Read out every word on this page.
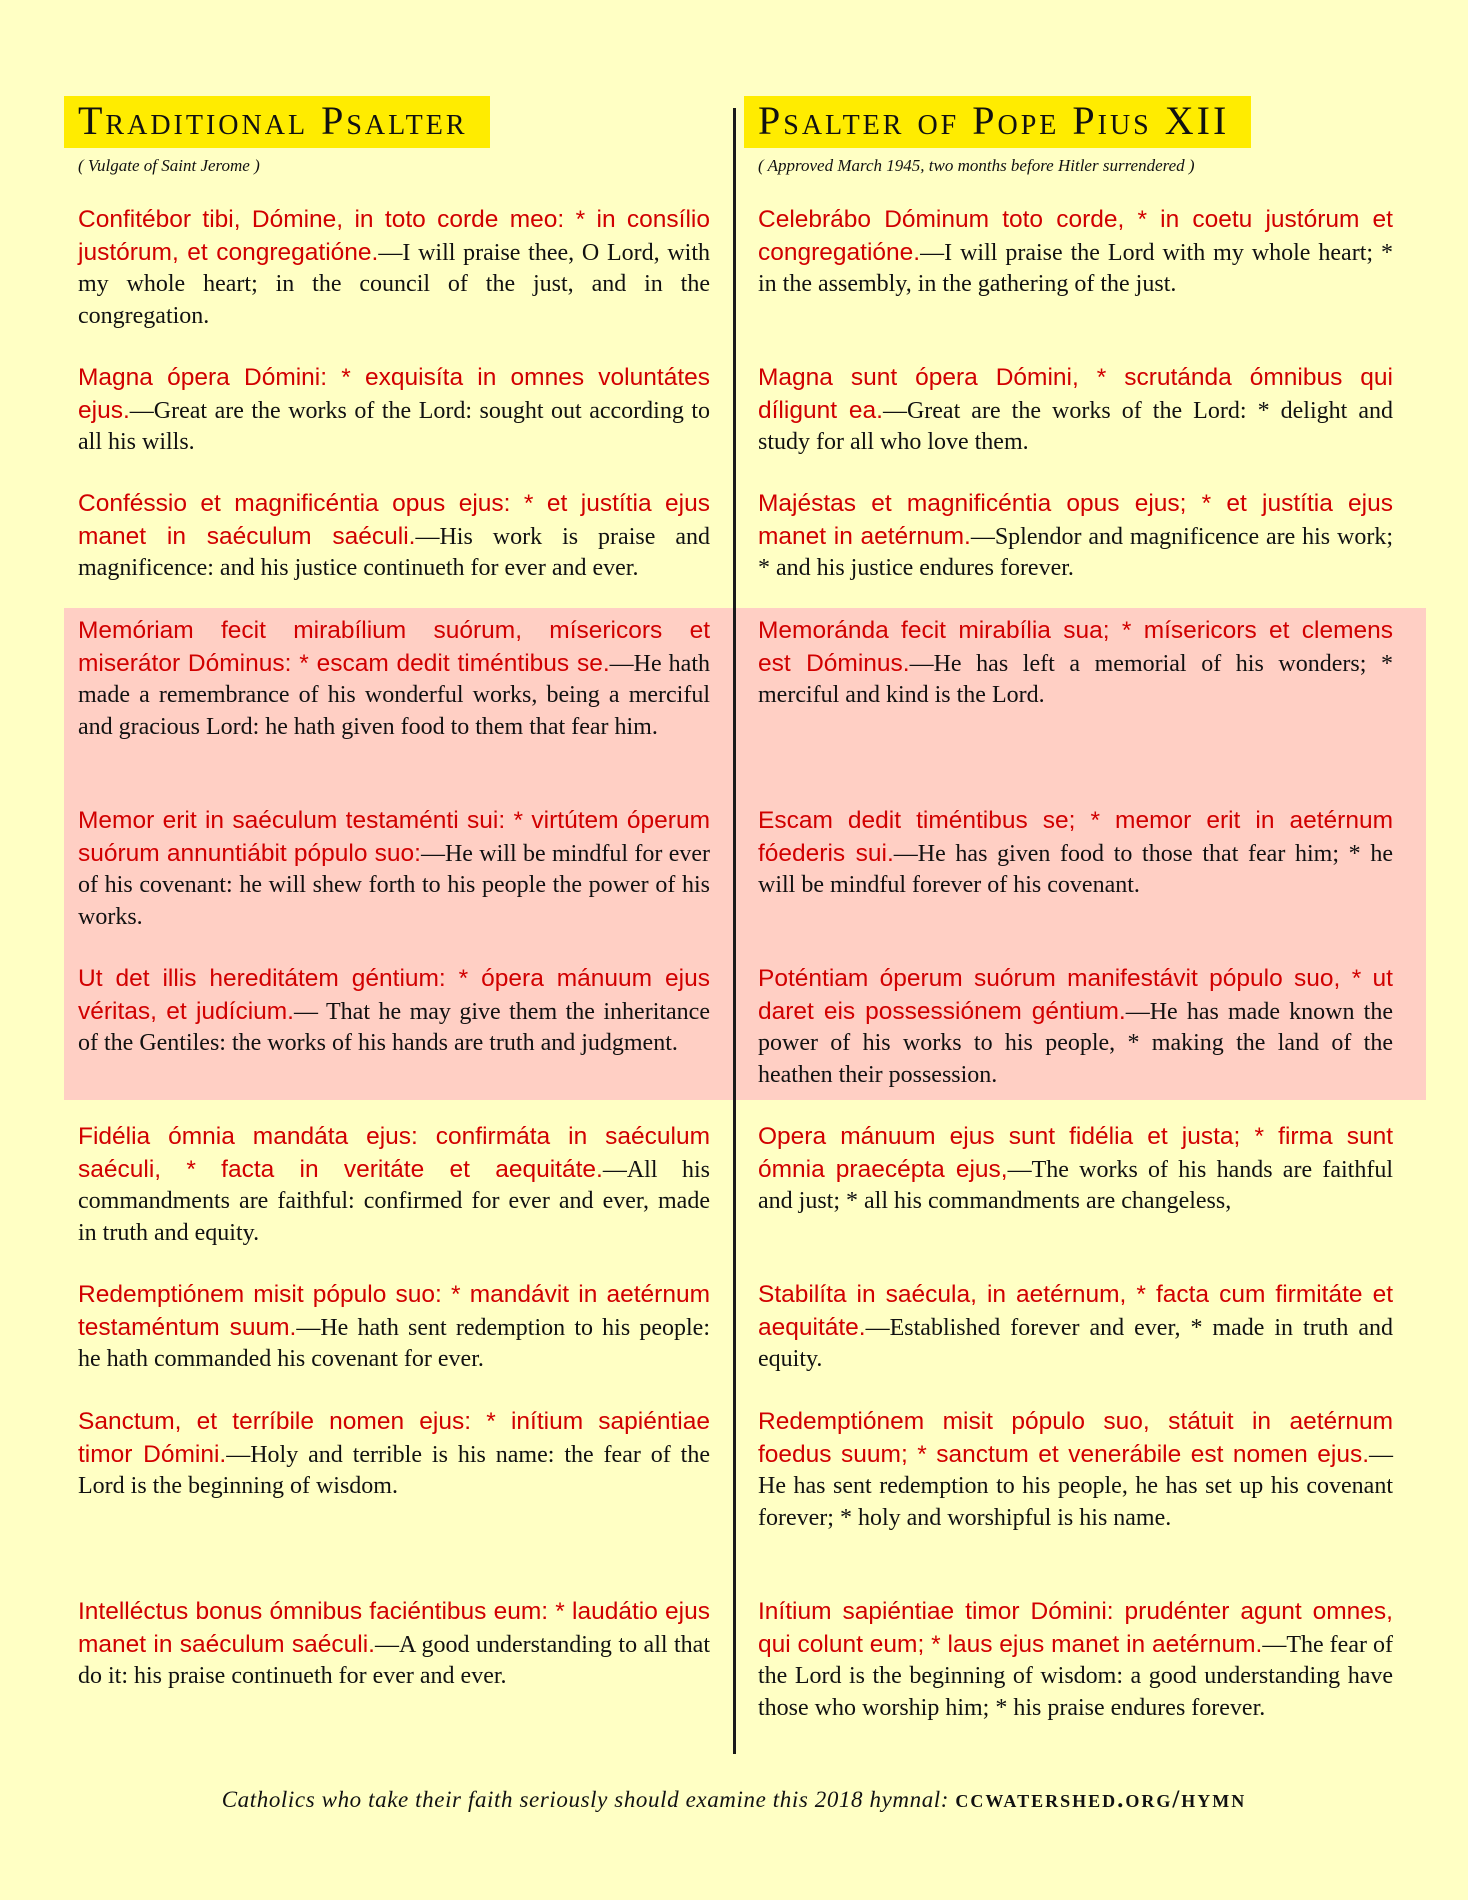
Traditional Psalter
( Vulgate of Saint Jerome )

Confitébor tibi, Dómine, in toto corde meo: * in consílio justórum, et congregatióne.—I will praise thee, O Lord, with my whole heart; in the council of the just, and in the congregation.

Magna ópera Dómini: * exquisíta in omnes voluntátes ejus.—Great are the works of the Lord: sought out according to all his wills.

Conféssio et magnificéntia opus ejus: * et justítia ejus manet in saéculum saéculi.—His work is praise and magnificence: and his justice continueth for ever and ever.

Memóriam fecit mirabílium suórum, mísericors et miserátor Dóminus: * escam dedit timéntibus se.—He hath made a remembrance of his wonderful works, being a merciful and gracious Lord: he hath given food to them that fear him.

Memor erit in saéculum testaménti sui: * virtútem óperum suórum annuntiábit pópulo suo:—He will be mindful for ever of his covenant: he will shew forth to his people the power of his works.

Ut det illis hereditátem géntium: * ópera mánuum ejus véritas, et judícium.— That he may give them the inheritance of the Gentiles: the works of his hands are truth and judgment.

Fidélia ómnia mandáta ejus: confirmáta in saéculum saéculi, * facta in veritáte et aequitáte.—All his commandments are faithful: confirmed for ever and ever, made in truth and equity.

Redemptiónem misit pópulo suo: * mandávit in aetérnum testaméntum suum.—He hath sent redemption to his people: he hath commanded his covenant for ever.

Sanctum, et terríbile nomen ejus: * inítium sapiéntiae timor Dómini.—Holy and terrible is his name: the fear of the Lord is the beginning of wisdom.

Intelléctus bonus ómnibus faciéntibus eum: * laudátio ejus manet in saéculum saéculi.—A good understanding to all that do it: his praise continueth for ever and ever.

Psalter of Pope Pius XII
( Approved March 1945, two months before Hitler surrendered )

Celebrábo Dóminum toto corde, * in coetu justórum et congregatióne.—I will praise the Lord with my whole heart; * in the assembly, in the gathering of the just.

Magna sunt ópera Dómini, * scrutánda ómnibus qui díligunt ea.—Great are the works of the Lord: * delight and study for all who love them.

Majéstas et magnificéntia opus ejus; * et justítia ejus manet in aetérnum.—Splendor and magnificence are his work; * and his justice endures forever.

Memoránda fecit mirabília sua; * mísericors et clemens est Dóminus.—He has left a memorial of his wonders; * merciful and kind is the Lord.

Escam dedit timéntibus se; * memor erit in aetérnum fóederis sui.—He has given food to those that fear him; * he will be mindful forever of his covenant.

Poténtiam óperum suórum manifestávit pópulo suo, * ut daret eis possessiónem géntium.—He has made known the power of his works to his people, * making the land of the heathen their possession.

Opera mánuum ejus sunt fidélia et justa; * firma sunt ómnia praecépta ejus,—The works of his hands are faithful and just; * all his commandments are changeless,

Stabilíta in saécula, in aetérnum, * facta cum firmitáte et aequitáte.—Established forever and ever, * made in truth and equity.

Redemptiónem misit pópulo suo, státuit in aetérnum foedus suum; * sanctum et venerábile est nomen ejus.— He has sent redemption to his people, he has set up his covenant forever; * holy and worshipful is his name.

Inítium sapiéntiae timor Dómini: prudénter agunt omnes, qui colunt eum; * laus ejus manet in aetérnum.—The fear of the Lord is the beginning of wisdom: a good understanding have those who worship him; * his praise endures forever.

Catholics who take their faith seriously should examine this 2018 hymnal: ccwatershed.org/hymn
